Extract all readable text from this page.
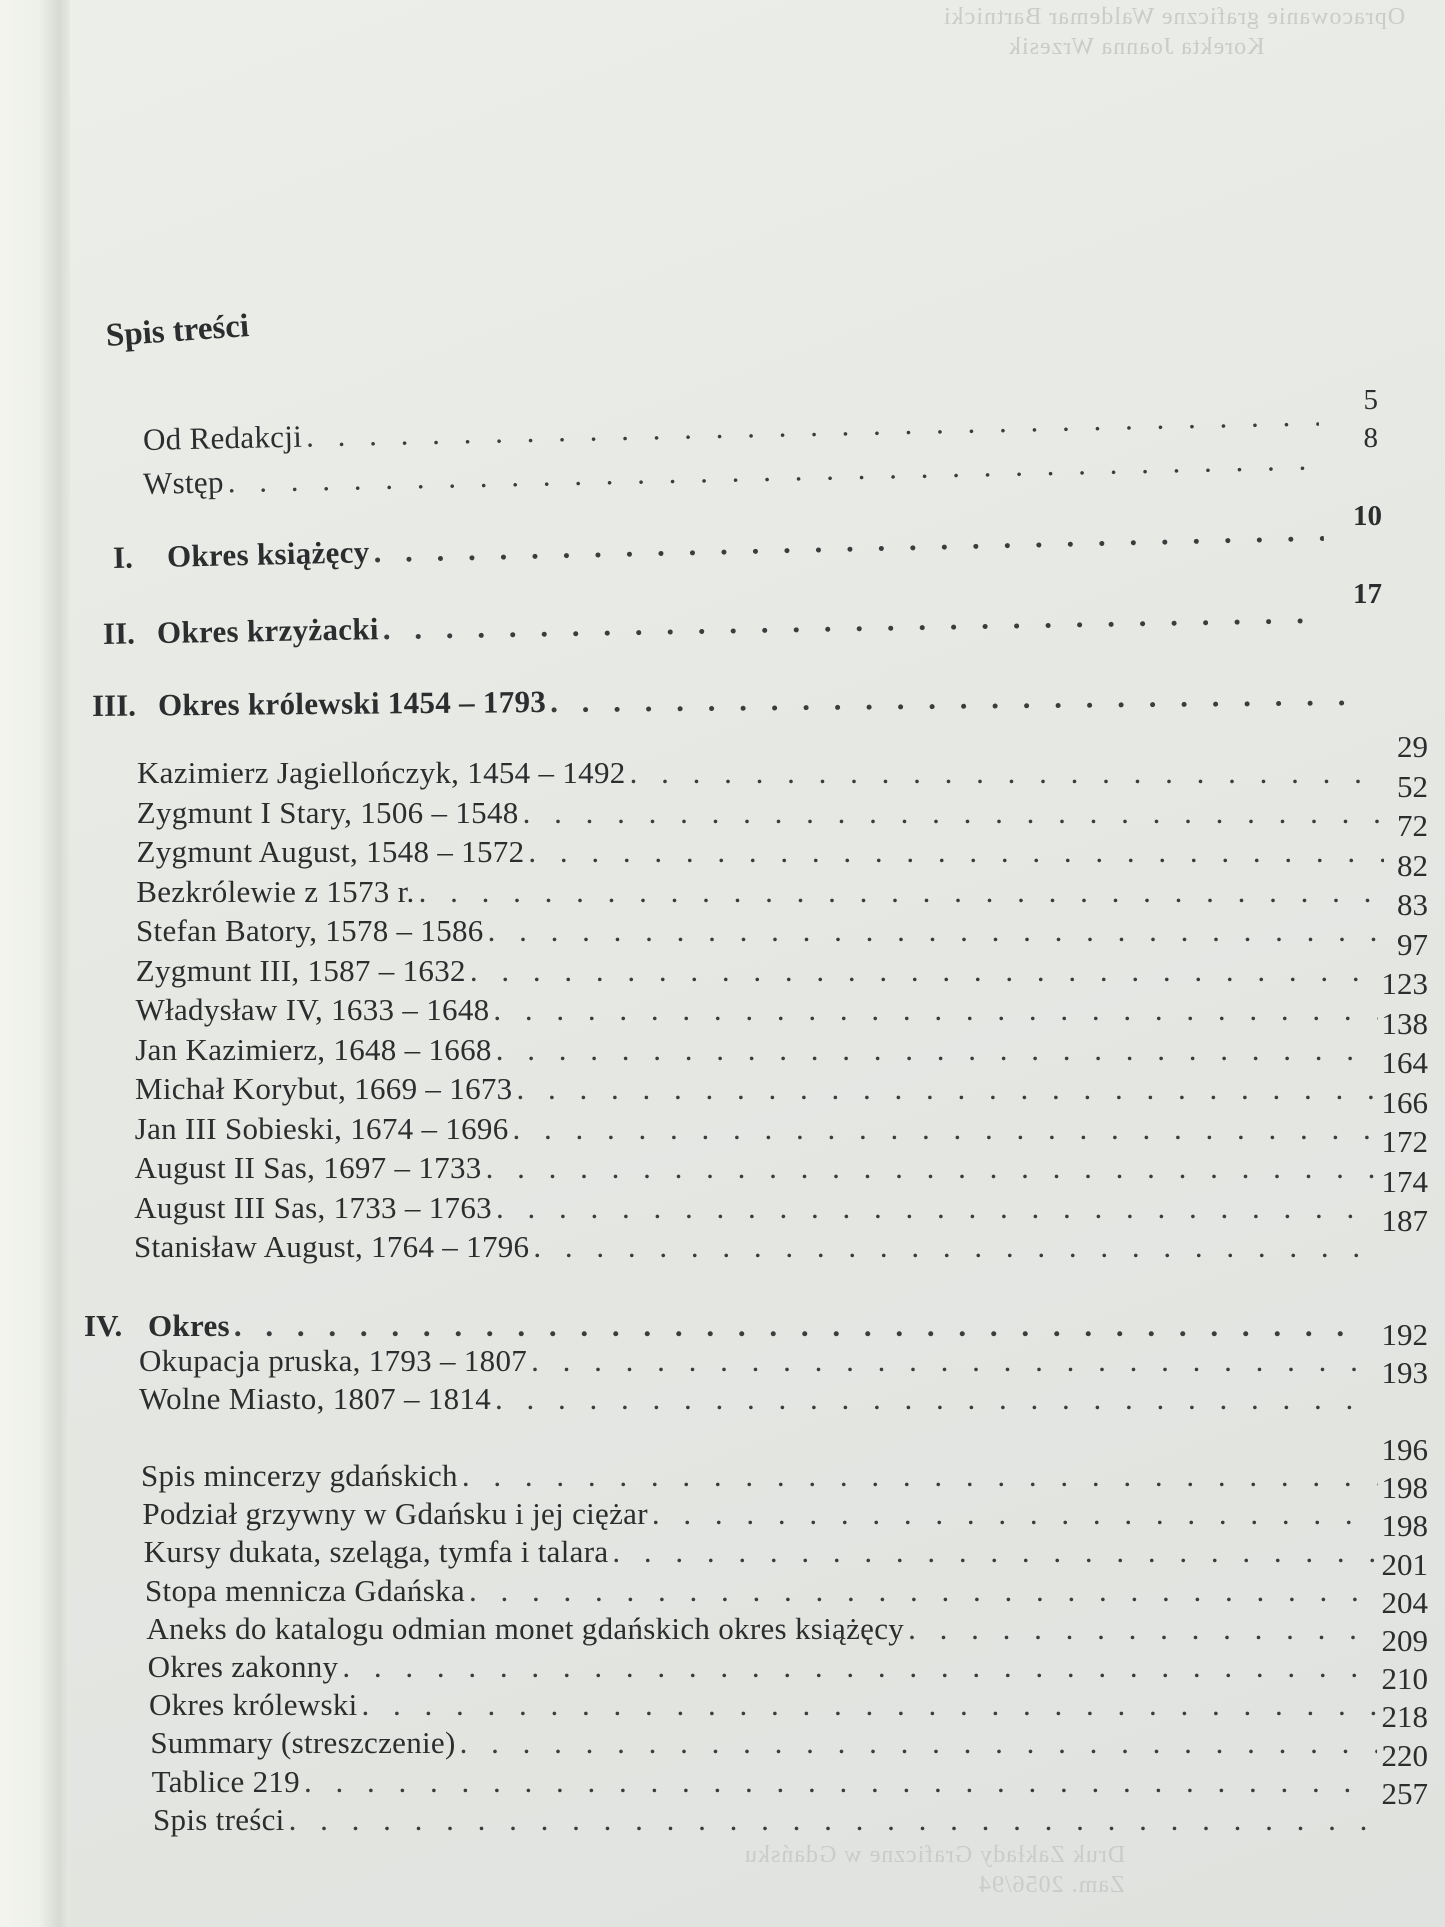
Opracowanie graficzne Waldemar Bartnicki
Korekta Joanna Wrzesik
Druk Zakłady Graficzne w Gdańsku
Zam. 2056/94
Spis treści
Od Redakcji
. . .
Wstęp
. . .
5
8
I.	Okres książęcy
. . .
10
II. Okres krzyżacki
. . .
17
III. Okres królewski 1454 – 1793
. . .
Kazimierz Jagiellończyk, 1454 – 1492
. . .
29
Zygmunt I Stary, 1506 – 1548
. . .
52
Zygmunt August, 1548 – 1572
. . .
72
Bezkrólewie z 1573 r.
. . .
82
Stefan Batory, 1578 – 1586
. . .
83
Zygmunt III, 1587 – 1632
. . .
97
Władysław IV, 1633 – 1648
. . .
123
Jan Kazimierz, 1648 – 1668
. . .
138
Michał Korybut, 1669 – 1673
. . .
164
Jan III Sobieski, 1674 – 1696
. . .
166
August II Sas, 1697 – 1733
. . .
172
August III Sas, 1733 – 1763
. . .
174
Stanisław August, 1764 – 1796
. . .
187
IV. Okres
. . .
Okupacja pruska, 1793 – 1807
. . .
192
Wolne Miasto, 1807 – 1814
. . .
193
Spis mincerzy gdańskich
. . .
196
Podział grzywny w Gdańsku i jej ciężar
. . .
198
Kursy dukata, szeląga, tymfa i talara
. . .
198
Stopa mennicza Gdańska
. . .
201
Aneks do katalogu odmian monet gdańskich okres książęcy
. . .
204
Okres zakonny
. . .
209
Okres królewski
. . .
210
Summary (streszczenie)
. . .
218
Tablice 219
. . .
220
Spis treści
. . .
257
